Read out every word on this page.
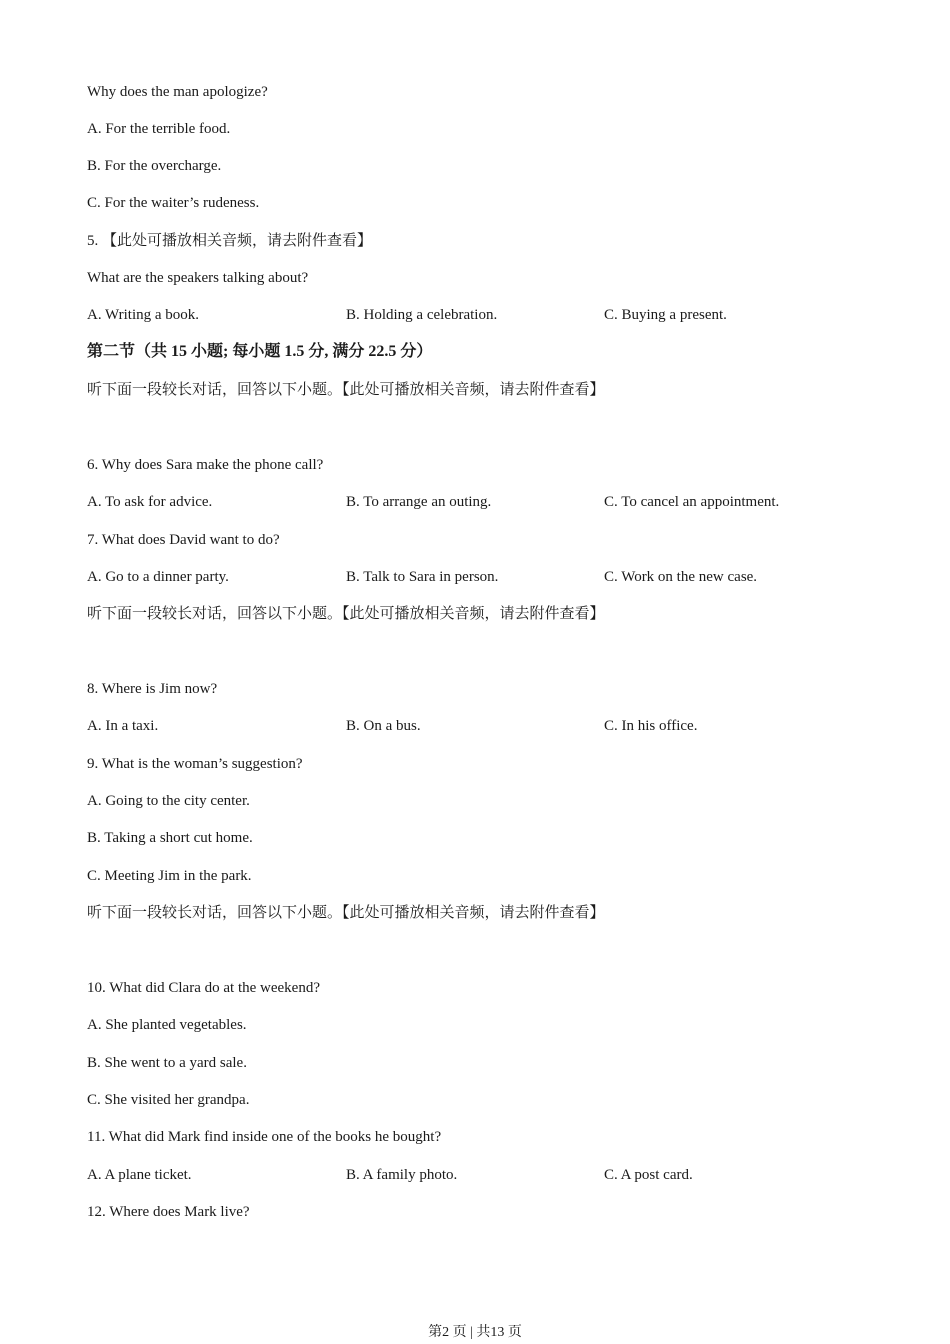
Why does the man apologize?
A. For the terrible food.
B. For the overcharge.
C. For the waiter’s rudeness.
5. 【此处可播放相关音频，请去附件查看】
What are the speakers talking about?
A. Writing a book.	B. Holding a celebration.	C. Buying a present.
第二节（共 15 小题; 每小题 1.5 分, 满分 22.5 分）
听下面一段较长对话，回答以下小题。【此处可播放相关音频，请去附件查看】
6. Why does Sara make the phone call?
A. To ask for advice.	B. To arrange an outing.	C. To cancel an appointment.
7. What does David want to do?
A. Go to a dinner party.	B. Talk to Sara in person.	C. Work on the new case.
听下面一段较长对话，回答以下小题。【此处可播放相关音频，请去附件查看】
8. Where is Jim now?
A. In a taxi.	B. On a bus.	C. In his office.
9. What is the woman’s suggestion?
A. Going to the city center.
B. Taking a short cut home.
C. Meeting Jim in the park.
听下面一段较长对话，回答以下小题。【此处可播放相关音频，请去附件查看】
10. What did Clara do at the weekend?
A. She planted vegetables.
B. She went to a yard sale.
C. She visited her grandpa.
11. What did Mark find inside one of the books he bought?
A. A plane ticket.	B. A family photo.	C. A post card.
12. Where does Mark live?
第2 页 | 共13 页
